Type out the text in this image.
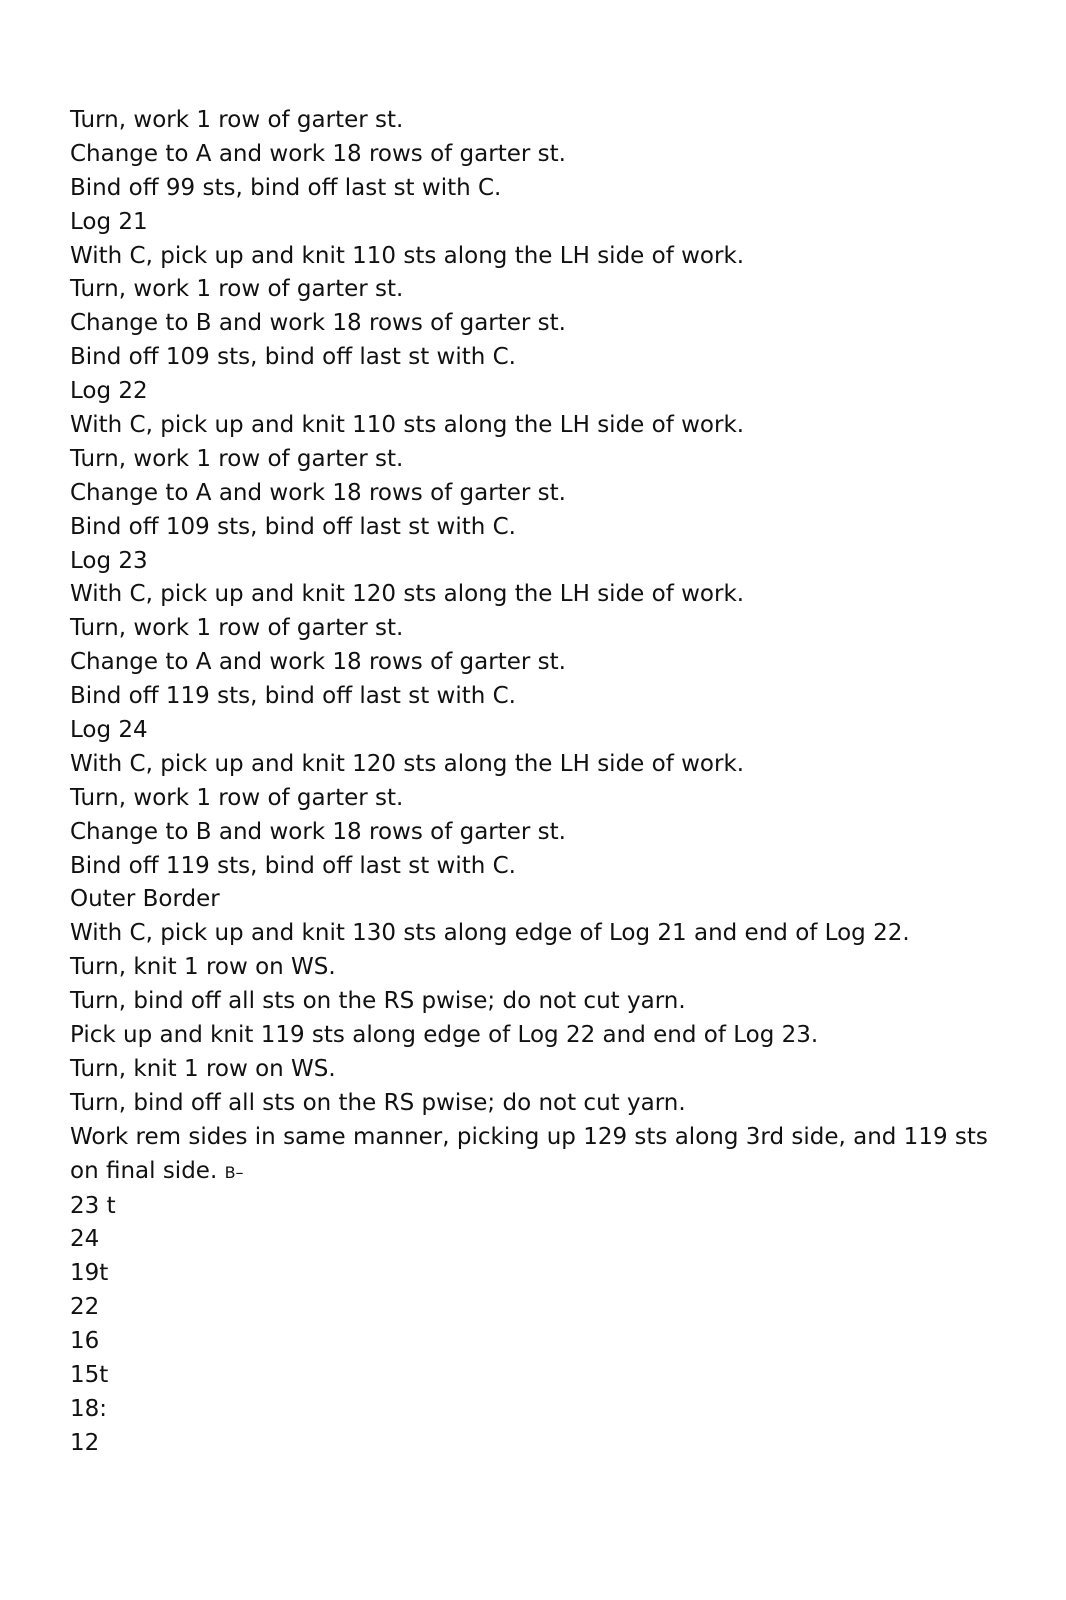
Turn, work 1 row of garter st.
Change to A and work 18 rows of garter st.
Bind off 99 sts, bind off last st with C.
Log 21
With C, pick up and knit 110 sts along the LH side of work.
Turn, work 1 row of garter st.
Change to B and work 18 rows of garter st.
Bind off 109 sts, bind off last st with C.
Log 22
With C, pick up and knit 110 sts along the LH side of work.
Turn, work 1 row of garter st.
Change to A and work 18 rows of garter st.
Bind off 109 sts, bind off last st with C.
Log 23
With C, pick up and knit 120 sts along the LH side of work.
Turn, work 1 row of garter st.
Change to A and work 18 rows of garter st.
Bind off 119 sts, bind off last st with C.
Log 24
With C, pick up and knit 120 sts along the LH side of work.
Turn, work 1 row of garter st.
Change to B and work 18 rows of garter st.
Bind off 119 sts, bind off last st with C.
Outer Border
With C, pick up and knit 130 sts along edge of Log 21 and end of Log 22.
Turn, knit 1 row on WS.
Turn, bind off all sts on the RS pwise; do not cut yarn.
Pick up and knit 119 sts along edge of Log 22 and end of Log 23.
Turn, knit 1 row on WS.
Turn, bind off all sts on the RS pwise; do not cut yarn.
Work rem sides in same manner, picking up 129 sts along 3rd side, and 119 sts on final side. B–
23 t
24
19t
22
16
15t
18:
12
